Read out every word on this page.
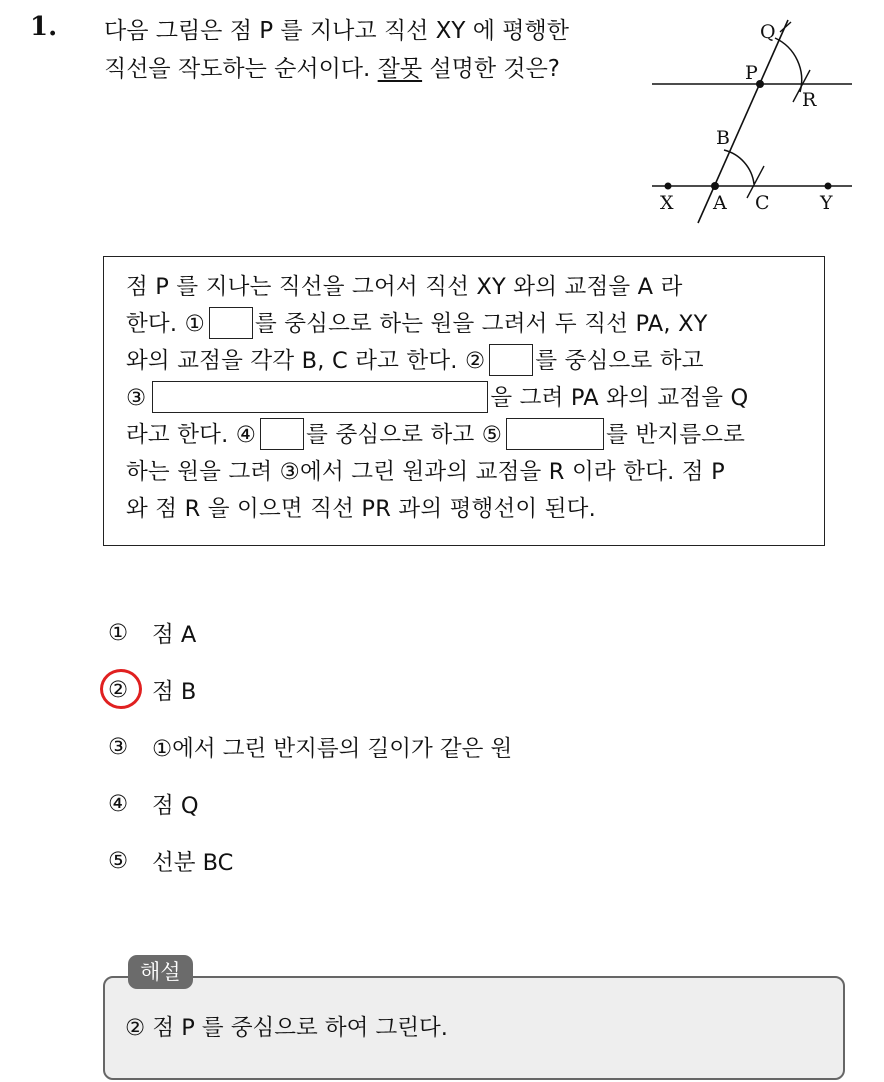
1. 다음 그림은 점 P 를 지나고 직선 XY 에 평행한
직선을 작도하는 순서이다. 잘못 설명한 것은?
Q
P
R
B
X A C	Y
점 P 를 지나는 직선을 그어서 직선 XY 와의 교점을 A 라
한다. ① 를 중심으로 하는 원을 그려서 두 직선 PA, XY
와의 교점을 각각 B, C 라고 한다. ② 를 중심으로 하고
③	을 그려 PA 와의 교점을 Q
라고 한다. ④ 를 중심으로 하고 ⑤	를 반지름으로
하는 원을 그려 ③에서 그린 원과의 교점을 R 이라 한다. 점 P
와 점 R 을 이으면 직선 PR 과의 평행선이 된다.
①	점 A
②	점 B
③	①에서 그린 반지름의 길이가 같은 원
④	점 Q
⑤	선분 BC
② 점 P 를 중심으로 하여 그린다.
해설
